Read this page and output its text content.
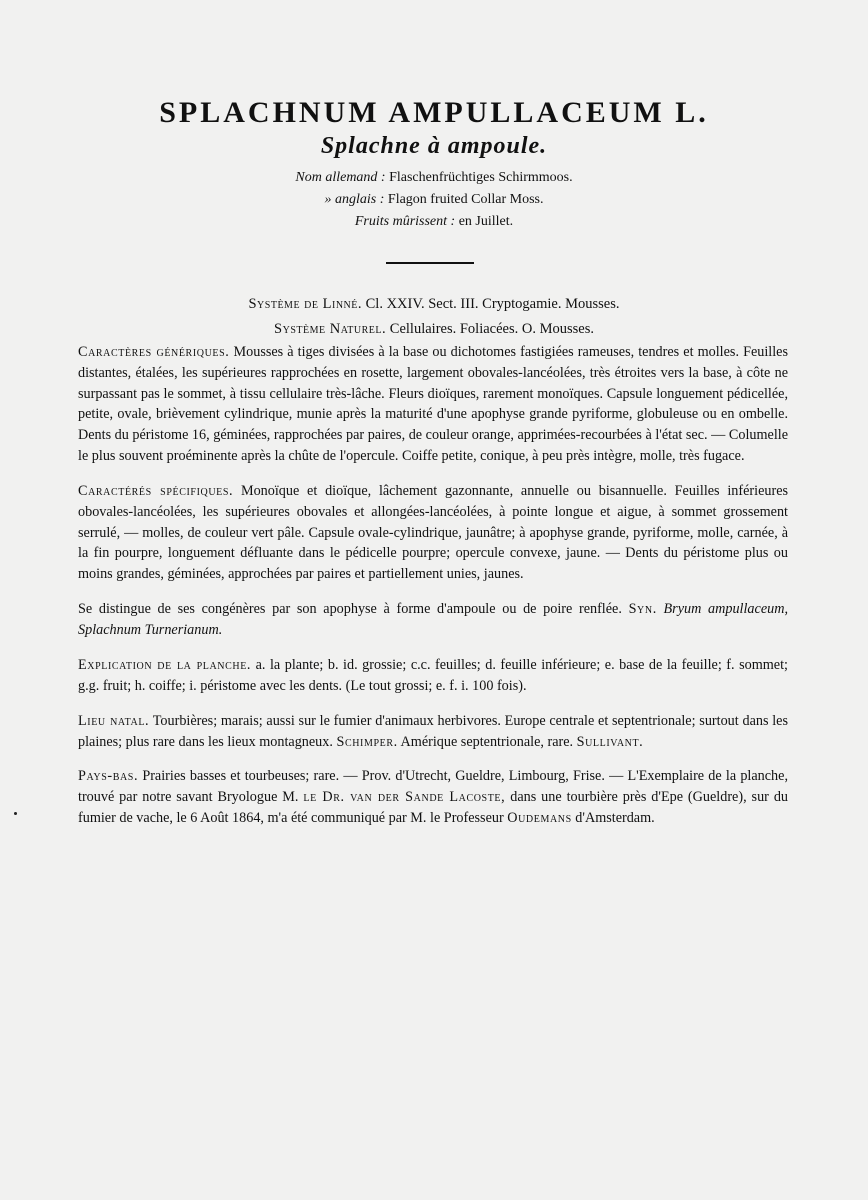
SPLACHNUM AMPULLACEUM L.
Splachne à ampoule.
Nom allemand : Flaschenfrüchtiges Schirmmoos.
» anglais : Flagon fruited Collar Moss.
Fruits mûrissent : en Juillet.
Système de Linné. Cl. XXIV. Sect. III. Cryptogamie. Mousses.
Système Naturel. Cellulaires. Foliacées. O. Mousses.

Caractères génériques. Mousses à tiges divisées à la base ou dichotomes fastigiées rameuses, tendres et molles. Feuilles distantes, étalées, les supérieures rapprochées en rosette, largement obovales-lancéolées, très étroites vers la base, à côte ne surpassant pas le sommet, à tissu cellulaire très-lâche. Fleurs dioïques, rarement monoïques. Capsule longuement pédicellée, petite, ovale, brièvement cylindrique, munie après la maturité d'une apophyse grande pyriforme, globuleuse ou en ombelle. Dents du péristome 16, géminées, rapprochées par paires, de couleur orange, apprimées-recourbées à l'état sec. — Columelle le plus souvent proéminente après la chûte de l'opercule. Coiffe petite, conique, à peu près intègre, molle, très fugace.

Caractérés spécifiques. Monoïque et dioïque, lâchement gazonnante, annuelle ou bisannuelle. Feuilles inférieures obovales-lancéolées, les supérieures obovales et allongées-lancéolées, à pointe longue et aigue, à sommet grossement serrulé, — molles, de couleur vert pâle. Capsule ovale-cylindrique, jaunâtre; à apophyse grande, pyriforme, molle, carnée, à la fin pourpre, longuement défluante dans le pédicelle pourpre; opercule convexe, jaune. — Dents du péristome plus ou moins grandes, géminées, approchées par paires et partiellement unies, jaunes.

Se distingue de ses congénères par son apophyse à forme d'ampoule ou de poire renflée. Syn. Bryum ampullaceum, Splachnum Turnerianum.

Explication de la planche. a. la plante; b. id. grossie; c.c. feuilles; d. feuille inférieure; e. base de la feuille; f. sommet; g.g. fruit; h. coiffe; i. péristome avec les dents. (Le tout grossi; e. f. i. 100 fois).

Lieu natal. Tourbières; marais; aussi sur le fumier d'animaux herbivores. Europe centrale et septentrionale; surtout dans les plaines; plus rare dans les lieux montagneux. Schimper. Amérique septentrionale, rare. Sullivant.

Pays-bas. Prairies basses et tourbeuses; rare. — Prov. d'Utrecht, Gueldre, Limbourg, Frise. — L'Exemplaire de la planche, trouvé par notre savant Bryologue M. le Dr. van der Sande Lacoste, dans une tourbière près d'Epe (Gueldre), sur du fumier de vache, le 6 Août 1864, m'a été communiqué par M. le Professeur Oudemans d'Amsterdam.
